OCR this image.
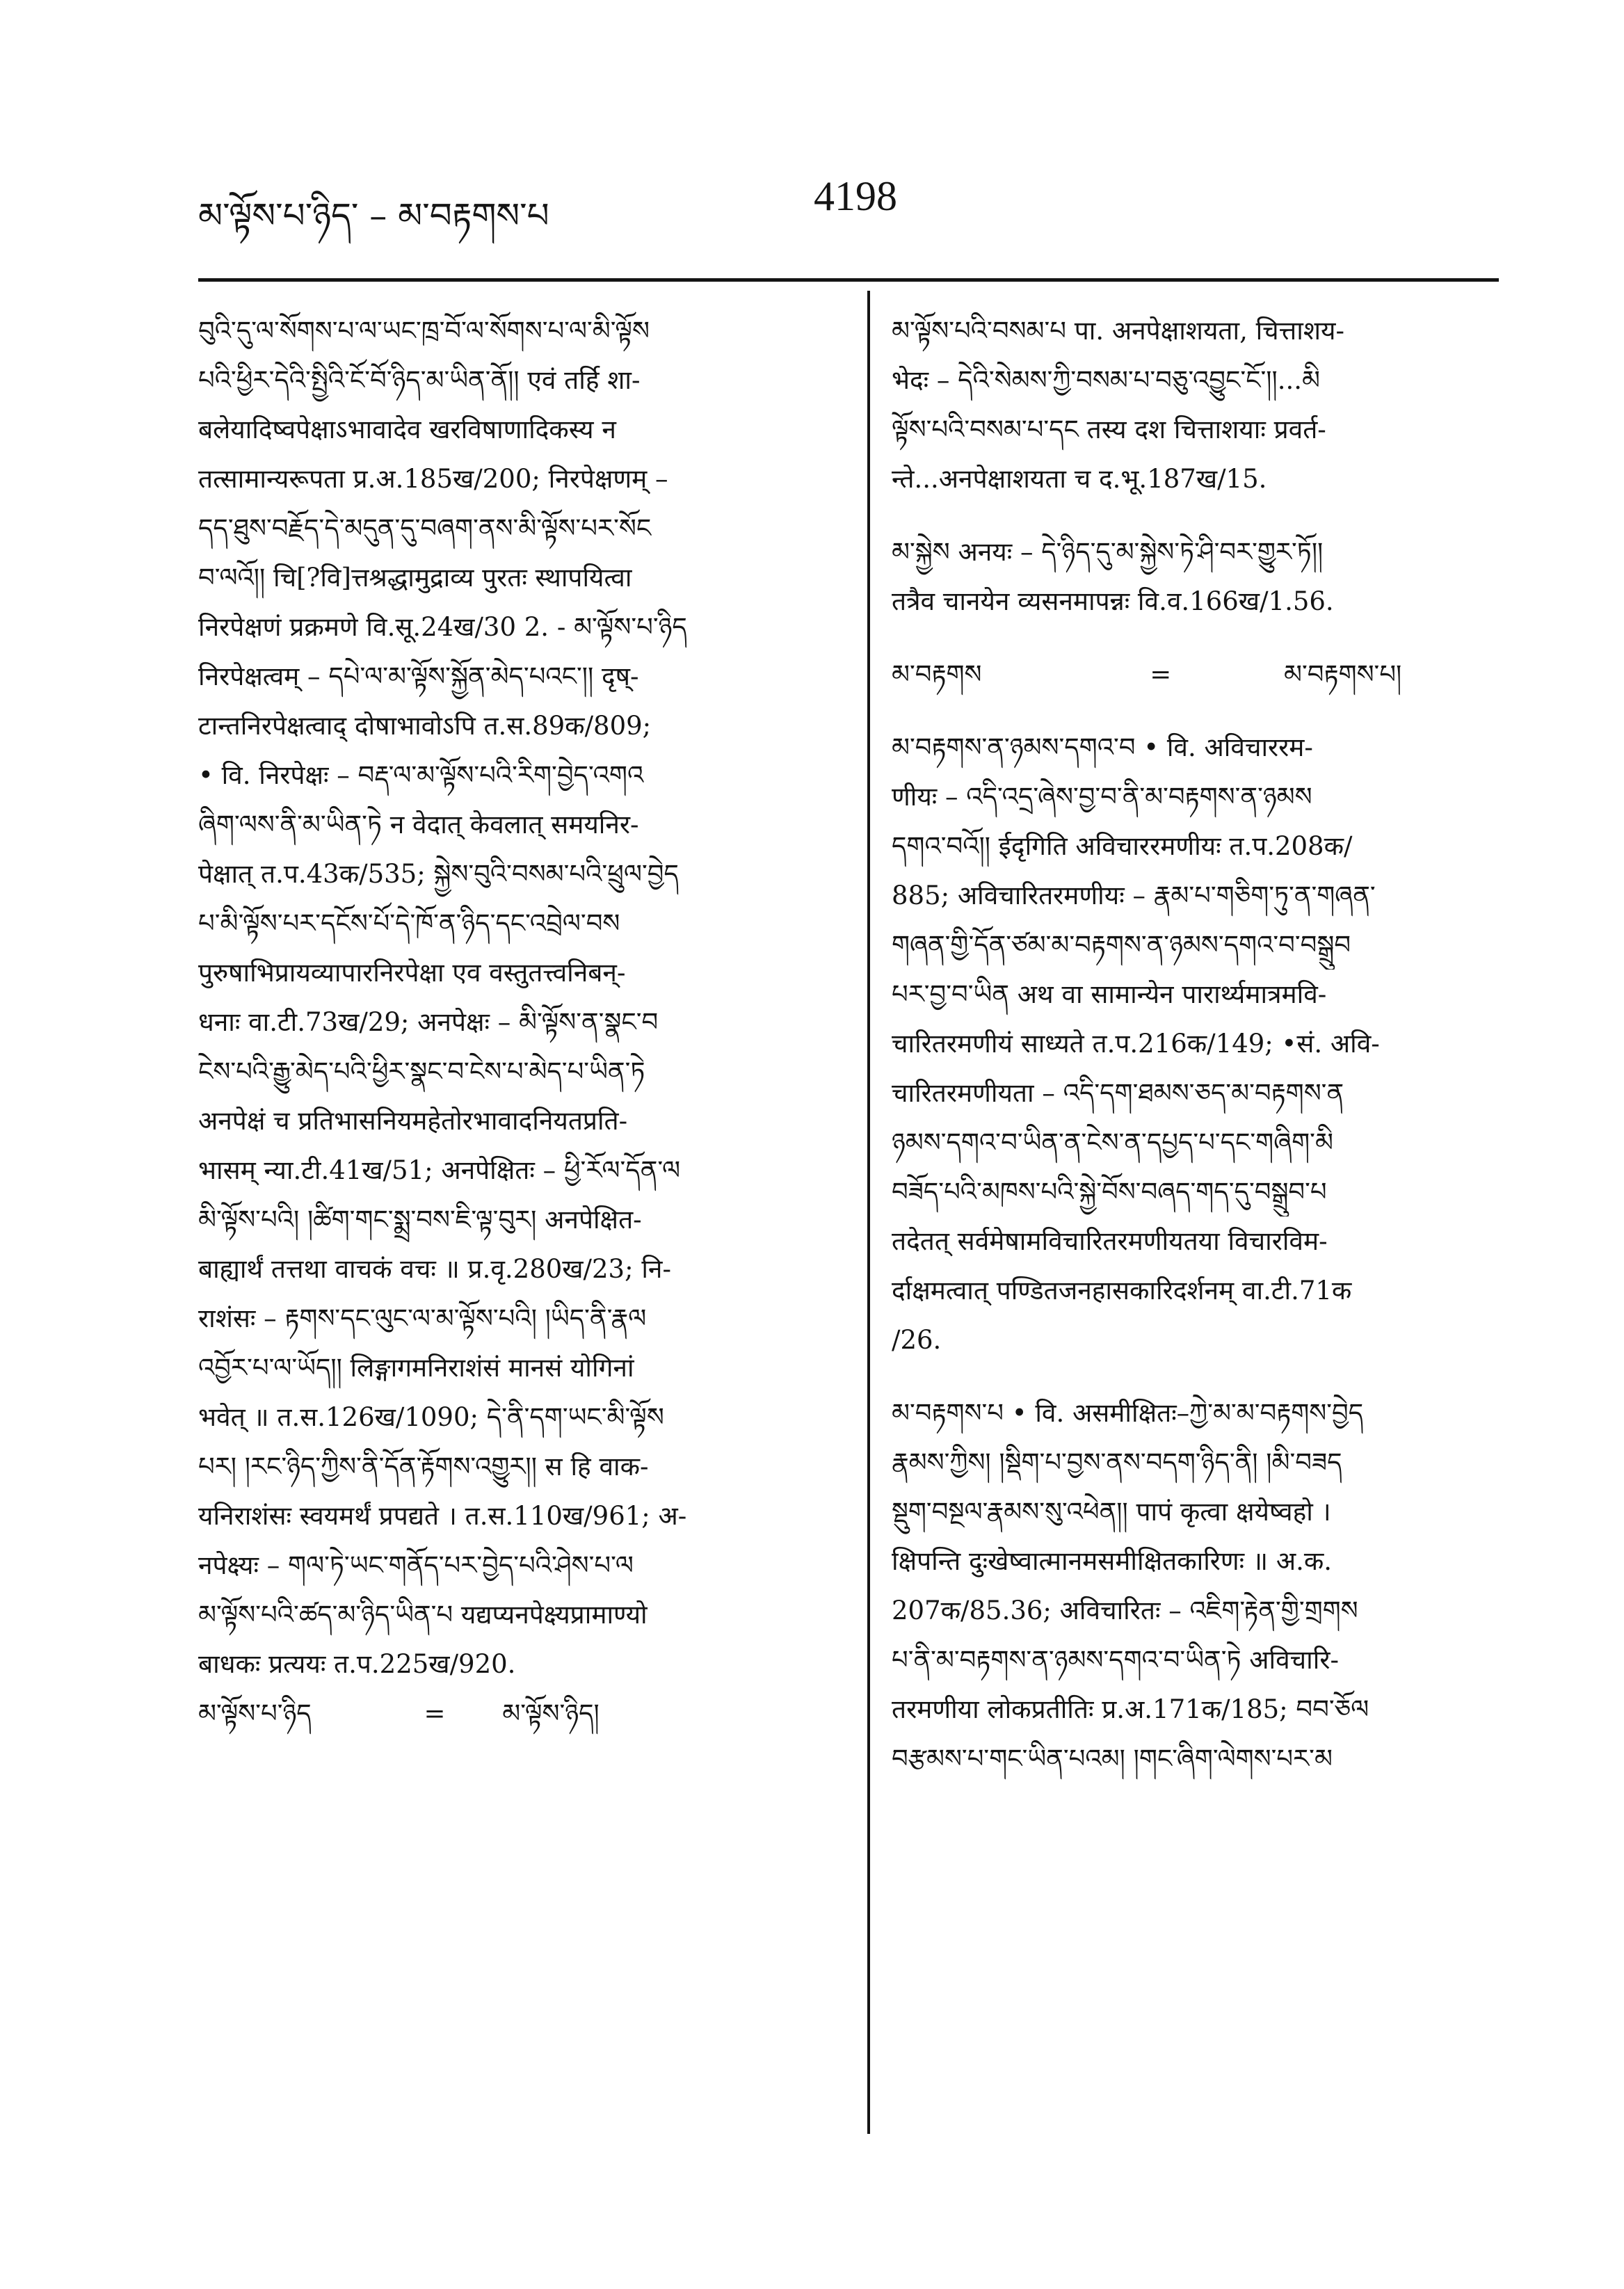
མ་ལྟོས་པ་ཉིད་ – མ་བརྟགས་པ	4198
བུའི་དུ་ལ་སོགས་པ་ལ་ཡང་ཁྲ་བོ་ལ་སོགས་པ་ལ་མི་ལྟོས
པའི་ཕྱིར་དེའི་སྤྱིའི་ངོ་བོ་ཉིད་མ་ཡིན་ནོ།། एवं तर्हि शा-
बलेयादिष्वपेक्षाऽभावादेव खरविषाणादिकस्य न
तत्सामान्यरूपता प्र.अ.185ख/200; निरपेक्षणम् –
དད་ཐུས་བརྗོད་དེ་མདུན་དུ་བཞག་ནས་མི་ལྟོས་པར་སོང
བ་ལའོ།། चि[?वि]त्तश्रद्धामुद्राव्य पुरतः स्थापयित्वा
निरपेक्षणं प्रक्रमणे वि.सू.24ख/30 2. - མ་ལྟོས་པ་ཉིད
निरपेक्षत्वम् – དཔེ་ལ་མ་ལྟོས་སྐྱོན་མེད་པའང་།། दृष्-
टान्तनिरपेक्षत्वाद् दोषाभावोऽपि त.स.89क/809;
• वि. निरपेक्षः – བརྡ་ལ་མ་ལྟོས་པའི་རིག་བྱེད་འགའ
ཞིག་ལས་ནི་མ་ཡིན་ཏེ न वेदात् केवलात् समयनिर-
पेक्षात् त.प.43क/535; སྐྱེས་བུའི་བསམ་པའི་ཕྲུལ་བྱེད
པ་མི་ལྟོས་པར་དངོས་པོ་དེ་ཁོ་ན་ཉིད་དང་འབྲེལ་བས
पुरुषाभिप्रायव्यापारनिरपेक्षा एव वस्तुतत्त्वनिबन्-
धनाः वा.टी.73ख/29; अनपेक्षः – མི་ལྟོས་ན་སྣང་བ
ངེས་པའི་རྒྱུ་མེད་པའི་ཕྱིར་སྣང་བ་ངེས་པ་མེད་པ་ཡིན་ཏེ
अनपेक्षं च प्रतिभासनियमहेतोरभावादनियतप्रति-
भासम् न्या.टी.41ख/51; अनपेक्षितः – ཕྱི་རོལ་དོན་ལ
མི་ལྟོས་པའི། །ཚིག་གང་སྨྲ་བས་ཇི་ལྟ་བུར། अनपेक्षित-
बाह्यार्थं तत्तथा वाचकं वचः ॥ प्र.वृ.280ख/23; नि-
राशंसः – རྟགས་དང་ལུང་ལ་མ་ལྟོས་པའི། །ཡིད་ནི་རྣལ
འབྱོར་པ་ལ་ཡོད།། लिङ्गागमनिराशंसं मानसं योगिनां
भवेत् ॥ त.स.126ख/1090; དེ་ནི་དག་ཡང་མི་ལྟོས
པར། །རང་ཉིད་ཀྱིས་ནི་དོན་རྟོགས་འགྱུར།། स हि वाक-
यनिराशंसः स्वयमर्थं प्रपद्यते । त.स.110ख/961; अ-
नपेक्ष्यः – གལ་ཏེ་ཡང་གནོད་པར་བྱེད་པའི་ཤེས་པ་ལ
མ་ལྟོས་པའི་ཚད་མ་ཉིད་ཡིན་པ यद्यप्यनपेक्ष्यप्रामाण्यो
बाधकः प्रत्ययः त.प.225ख/920.
མ་ལྟོས་པ་ཉིད	= མ་ལྟོས་ཉིད།
མ་ལྟོས་པའི་བསམ་པ पा. अनपेक्षाशयता, चित्ताशय-
भेदः – དེའི་སེམས་ཀྱི་བསམ་པ་བཅུ་འབྱུང་ངོ་།།...མི
ལྟོས་པའི་བསམ་པ་དང तस्य दश चित्ताशयाः प्रवर्त-
न्ते...अनपेक्षाशयता च द.भू.187ख/15.
མ་སྐྱེས अनयः – དེ་ཉིད་དུ་མ་སྐྱེས་ཏེ་ཤི་བར་གྱུར་ཏོ།།
तत्रैव चानयेन व्यसनमापन्नः वि.व.166ख/1.56.
མ་བརྟགས	=	མ་བརྟགས་པ།
མ་བརྟགས་ན་ཉམས་དགའ་བ • वि. अविचाररम-
णीयः – འདི་འདྲ་ཞེས་བྱ་བ་ནི་མ་བརྟགས་ན་ཉམས
དགའ་བའོ།། ईदृगिति अविचाररमणीयः त.प.208क/
885; अविचारितरमणीयः – རྣམ་པ་གཅིག་ཏུ་ན་གཞན་
གཞན་གྱི་དོན་ཙམ་མ་བརྟགས་ན་ཉམས་དགའ་བ་བསྒྲུབ
པར་བྱ་བ་ཡིན अथ वा सामान्येन पारार्थ्यमात्रमवि-
चारितरमणीयं साध्यते त.प.216क/149; •सं. अवि-
चारितरमणीयता – འདི་དག་ཐམས་ཅད་མ་བརྟགས་ན
ཉམས་དགའ་བ་ཡིན་ན་ངེས་ན་དཔྱད་པ་དང་གཞིག་མི
བཟོད་པའི་མཁས་པའི་སྐྱེ་བོས་བཞད་གད་དུ་བསྒྲུབ་པ
तदेतत् सर्वमेषामविचारितरमणीयतया विचारविम-
र्दाक्षमत्वात् पण्डितजनहासकारिदर्शनम् वा.टी.71क
/26.
མ་བརྟགས་པ • वि. असमीक्षितः–ཀྱེ་མ་མ་བརྟགས་བྱེད
རྣམས་ཀྱིས། །སྡིག་པ་བྱས་ནས་བདག་ཉིད་ནི། །མི་བཟད
སྡུག་བསྔལ་རྣམས་སུ་འཕེན།། पापं कृत्वा क्षयेष्वहो ।
क्षिपन्ति दुःखेष्वात्मानमसमीक्षितकारिणः ॥ अ.क.
207क/85.36; अविचारितः – འཇིག་རྟེན་གྱི་གྲགས
པ་ནི་མ་བརྟགས་ན་ཉམས་དགའ་བ་ཡིན་ཏེ अविचारि-
तरमणीया लोकप्रतीतिः प्र.अ.171क/185; བབ་ཅོལ
བརྩམས་པ་གང་ཡིན་པའམ། །གང་ཞིག་ལེགས་པར་མ
